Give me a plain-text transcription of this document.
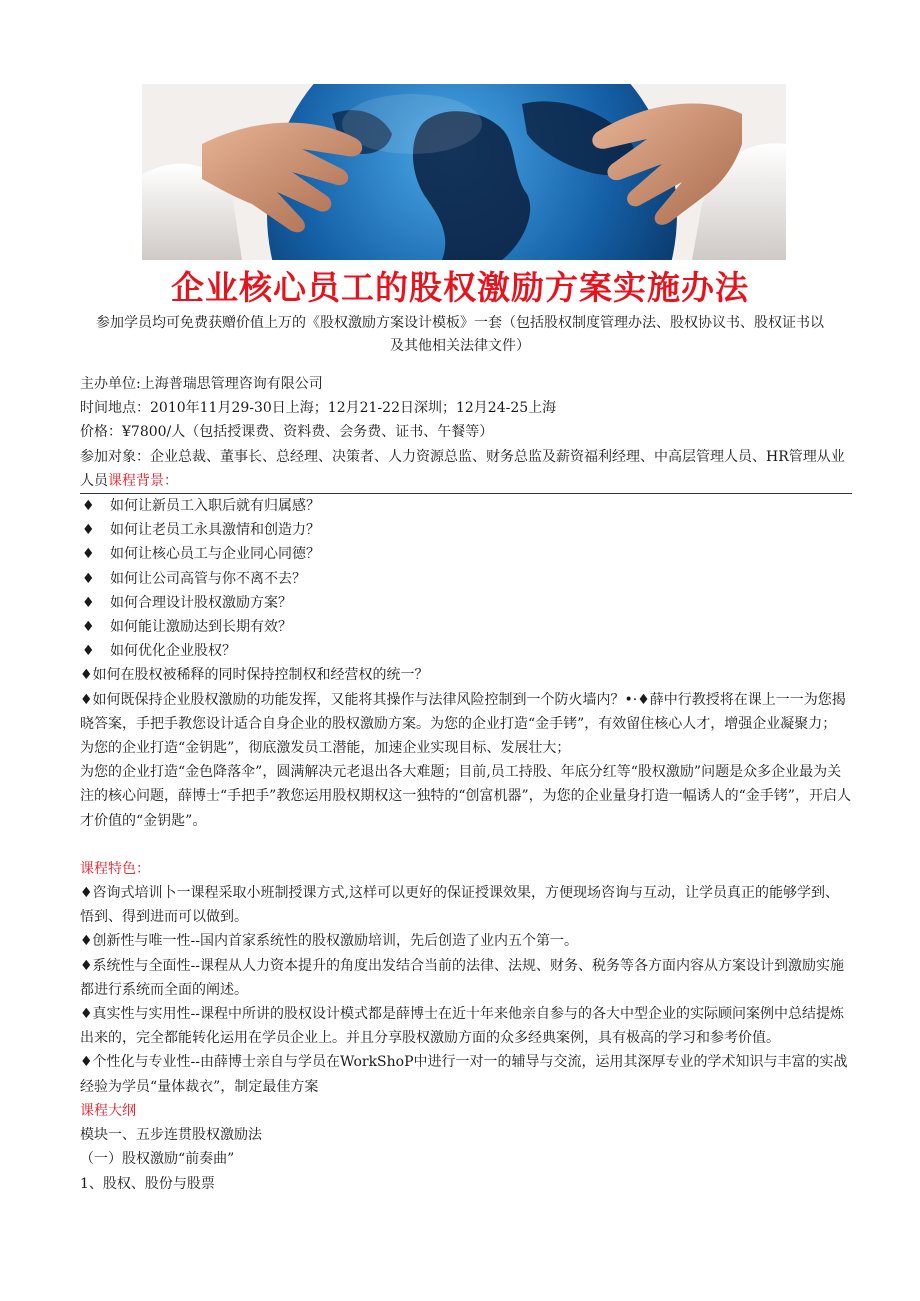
企业核心员工的股权激励方案实施办法
参加学员均可免费获赠价值上万的《股权激励方案设计模板》一套（包括股权制度管理办法、股权协议书、股权证书以及其他相关法律文件）

主办单位:上海普瑞思管理咨询有限公司

时间地点：2010年11月29-30日上海；12月21-22日深圳；12月24-25上海

价格：¥7800/人（包括授课费、资料费、会务费、证书、午餐等）

参加对象：企业总裁、董事长、总经理、决策者、人力资源总监、财务总监及薪资福利经理、中高层管理人员、HR管理从业人员课程背景：

♦ 如何让新员工入职后就有归属感？

♦ 如何让老员工永具激情和创造力？

♦ 如何让核心员工与企业同心同德？

♦ 如何让公司高管与你不离不去？

♦ 如何合理设计股权激励方案？

♦ 如何能让激励达到长期有效？

♦ 如何优化企业股权？

♦如何在股权被稀释的同时保持控制权和经营权的统一？

♦如何既保持企业股权激励的功能发挥，又能将其操作与法律风险控制到一个防火墙内？•·♦薛中行教授将在课上一一为您揭晓答案，手把手教您设计适合自身企业的股权激励方案。为您的企业打造“金手铐”，有效留住核心人才，增强企业凝聚力；

为您的企业打造“金钥匙”，彻底激发员工潜能，加速企业实现目标、发展壮大；

为您的企业打造“金色降落伞”，圆满解决元老退出各大难题；目前,员工持股、年底分红等“股权激励”问题是众多企业最为关注的核心问题，薛博士“手把手”教您运用股权期权这一独特的“创富机器”，为您的企业量身打造一幅诱人的“金手铐”，开启人才价值的“金钥匙”。

课程特色：

♦咨询式培训卜一课程采取小班制授课方式,这样可以更好的保证授课效果，方便现场咨询与互动，让学员真正的能够学到、悟到、得到进而可以做到。

♦创新性与唯一性--国内首家系统性的股权激励培训，先后创造了业内五个第一。

♦系统性与全面性--课程从人力资本提升的角度出发结合当前的法律、法规、财务、税务等各方面内容从方案设计到激励实施都进行系统而全面的阐述。

♦真实性与实用性--课程中所讲的股权设计模式都是薛博士在近十年来他亲自参与的各大中型企业的实际顾问案例中总结提炼出来的，完全都能转化运用在学员企业上。并且分享股权激励方面的众多经典案例，具有极高的学习和参考价值。

♦个性化与专业性--由薛博士亲自与学员在WorkShoP中进行一对一的辅导与交流，运用其深厚专业的学术知识与丰富的实战经验为学员“量体裁衣”，制定最佳方案

课程大纲

模块一、五步连贯股权激励法

（一）股权激励“前奏曲”

1、股权、股份与股票
